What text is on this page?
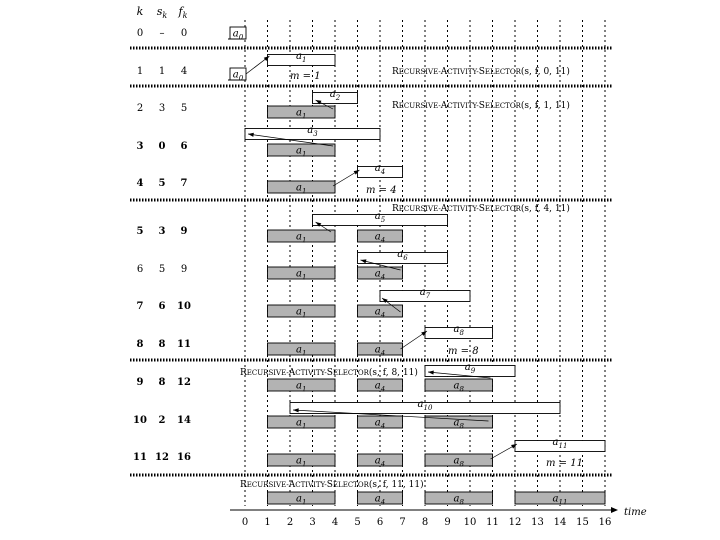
k $s_k$ $f_k$
0 – 0
1 1 4
2 3 5
3 0 6
4 5 7
5 3 9
6 5 9
7 6 10
8 8 11
9 8 12
10 2 14
11 12 16
$a_0$
$a_0$
$a_1$
$a_2$
$a_1$
$a_3$
$a_1$
$a_4$
$a_1$
$a_5$
$a_1$	$a_4$
$a_6$
$a_1$	$a_4$
$a_7$
$a_1$	$a_4$
$a_8$
$a_1$	$a_4$
$a_9$
$a_1$	$a_4$	$a_8$
$a_{10}$
$a_1$	$a_4$	$a_8$
$a_{11}$
$a_1$	$a_4$	$a_8$
$a_1$	$a_4$	$a_8$	$a_{11}$
RECURSIVE-ACTIVITY-SELECTOR(s, f, 0, 11)
RECURSIVE-ACTIVITY-SELECTOR(s, f, 1, 11)
RECURSIVE-ACTIVITY-SELECTOR(s, f, 4, 11)
RECURSIVE-ACTIVITY-SELECTOR(s, f, 8, 11)
RECURSIVE-ACTIVITY-SELECTOR(s, f, 11, 11)
m = 1
m = 4
m = 8
m = 11
0 1 2 3 4 5 6 7 8 9 10 11 12 13 14 15 16
time
